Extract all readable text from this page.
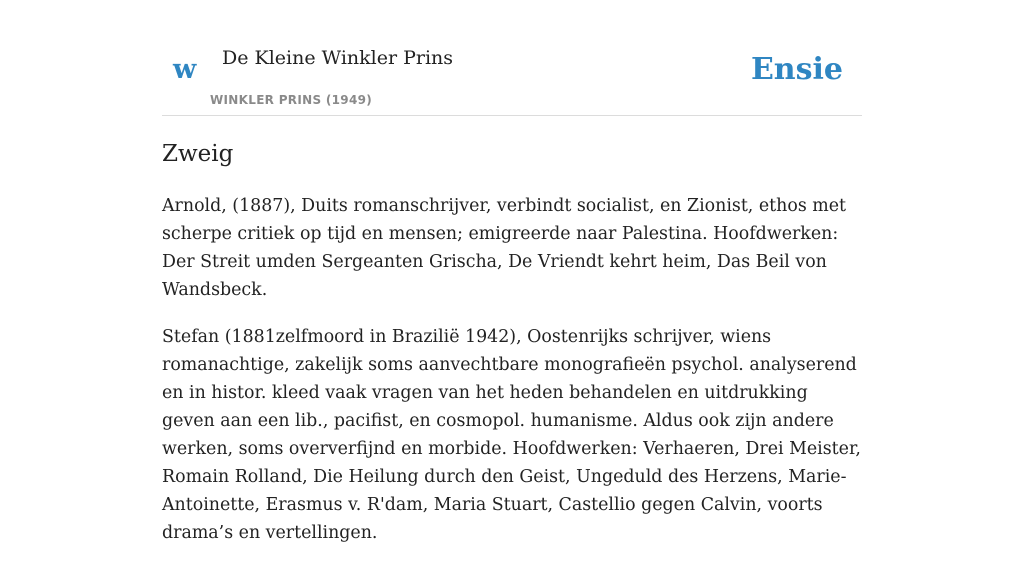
w De Kleine Winkler Prins
WINKLER PRINS (1949)
Ensie
Zweig

Arnold, (1887), Duits romanschrijver, verbindt socialist, en Zionist, ethos met scherpe critiek op tijd en mensen; emigreerde naar Palestina. Hoofdwerken: Der Streit umden Sergeanten Grischa, De Vriendt kehrt heim, Das Beil von Wandsbeck.

Stefan (1881zelfmoord in Brazilië 1942), Oostenrijks schrijver, wiens romanachtige, zakelijk soms aanvechtbare monografieën psychol. analyserend en in histor. kleed vaak vragen van het heden behandelen en uitdrukking geven aan een lib., pacifist, en cosmopol. humanisme. Aldus ook zijn andere werken, soms oververfijnd en morbide. Hoofdwerken: Verhaeren, Drei Meister, Romain Rolland, Die Heilung durch den Geist, Ungeduld des Herzens, Marie-Antoinette, Erasmus v. R'dam, Maria Stuart, Castellio gegen Calvin, voorts drama’s en vertellingen.
